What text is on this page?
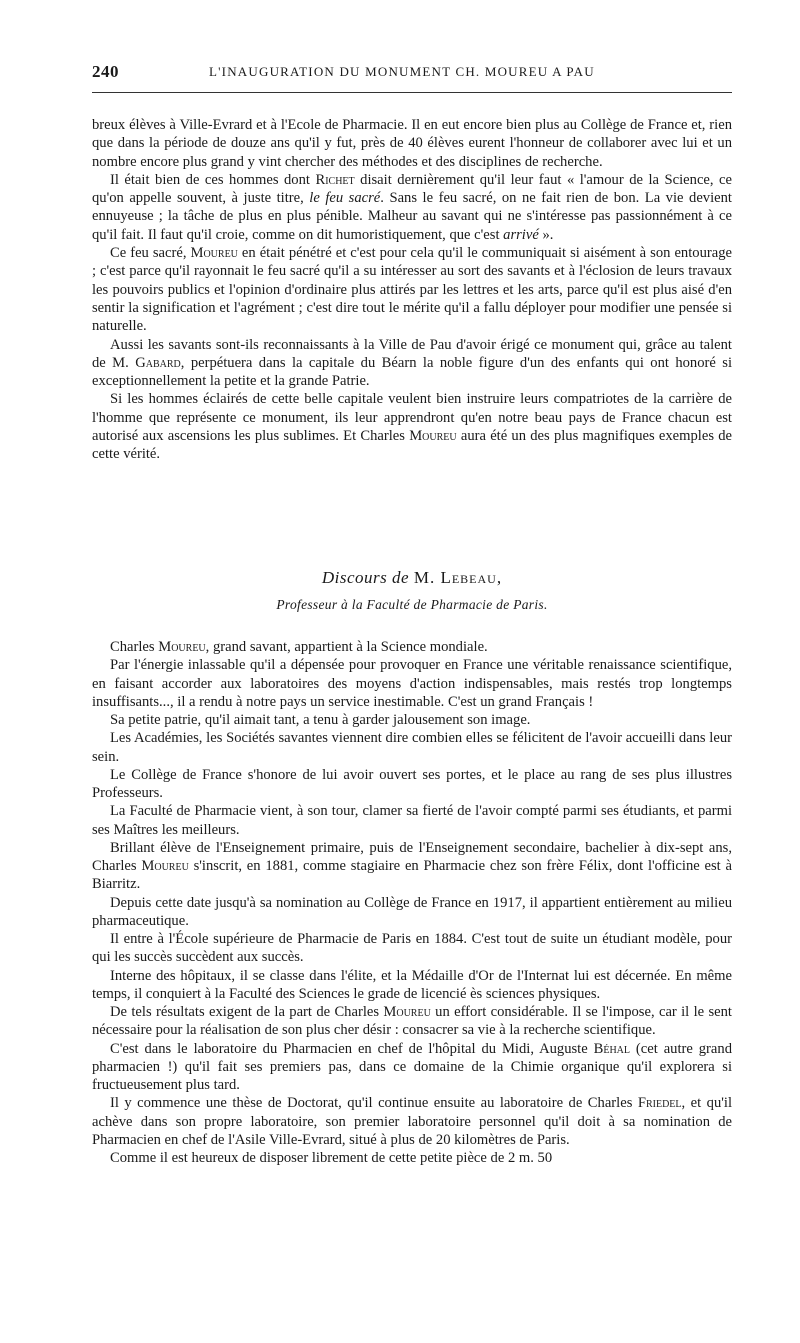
240	L'INAUGURATION DU MONUMENT CH. MOUREU A PAU

breux élèves à Ville-Evrard et à l'Ecole de Pharmacie. Il en eut encore bien plus au Collège de France et, rien que dans la période de douze ans qu'il y fut, près de 40 élèves eurent l'honneur de collaborer avec lui et un nombre encore plus grand y vint chercher des méthodes et des disciplines de recherche.

Il était bien de ces hommes dont Richet disait dernièrement qu'il leur faut « l'amour de la Science, ce qu'on appelle souvent, à juste titre, le feu sacré. Sans le feu sacré, on ne fait rien de bon. La vie devient ennuyeuse ; la tâche de plus en plus pénible. Malheur au savant qui ne s'intéresse pas passionnément à ce qu'il fait. Il faut qu'il croie, comme on dit humoristiquement, que c'est arrivé ».

Ce feu sacré, Moureu en était pénétré et c'est pour cela qu'il le communiquait si aisément à son entourage ; c'est parce qu'il rayonnait le feu sacré qu'il a su intéresser au sort des savants et à l'éclosion de leurs travaux les pouvoirs publics et l'opinion d'ordinaire plus attirés par les lettres et les arts, parce qu'il est plus aisé d'en sentir la signification et l'agrément ; c'est dire tout le mérite qu'il a fallu déployer pour modifier une pensée si naturelle.

Aussi les savants sont-ils reconnaissants à la Ville de Pau d'avoir érigé ce monument qui, grâce au talent de M. Gabard, perpétuera dans la capitale du Béarn la noble figure d'un des enfants qui ont honoré si exceptionnellement la petite et la grande Patrie.

Si les hommes éclairés de cette belle capitale veulent bien instruire leurs compatriotes de la carrière de l'homme que représente ce monument, ils leur apprendront qu'en notre beau pays de France chacun est autorisé aux ascensions les plus sublimes. Et Charles Moureu aura été un des plus magnifiques exemples de cette vérité.

Discours de M. Lebeau,

Professeur à la Faculté de Pharmacie de Paris.

Charles Moureu, grand savant, appartient à la Science mondiale.

Par l'énergie inlassable qu'il a dépensée pour provoquer en France une véritable renaissance scientifique, en faisant accorder aux laboratoires des moyens d'action indispensables, mais restés trop longtemps insuffisants..., il a rendu à notre pays un service inestimable. C'est un grand Français !

Sa petite patrie, qu'il aimait tant, a tenu à garder jalousement son image.

Les Académies, les Sociétés savantes viennent dire combien elles se félicitent de l'avoir accueilli dans leur sein.

Le Collège de France s'honore de lui avoir ouvert ses portes, et le place au rang de ses plus illustres Professeurs.

La Faculté de Pharmacie vient, à son tour, clamer sa fierté de l'avoir compté parmi ses étudiants, et parmi ses Maîtres les meilleurs.

Brillant élève de l'Enseignement primaire, puis de l'Enseignement secondaire, bachelier à dix-sept ans, Charles Moureu s'inscrit, en 1881, comme stagiaire en Pharmacie chez son frère Félix, dont l'officine est à Biarritz.

Depuis cette date jusqu'à sa nomination au Collège de France en 1917, il appartient entièrement au milieu pharmaceutique.

Il entre à l'École supérieure de Pharmacie de Paris en 1884. C'est tout de suite un étudiant modèle, pour qui les succès succèdent aux succès.

Interne des hôpitaux, il se classe dans l'élite, et la Médaille d'Or de l'Internat lui est décernée. En même temps, il conquiert à la Faculté des Sciences le grade de licencié ès sciences physiques.

De tels résultats exigent de la part de Charles Moureu un effort considérable. Il se l'impose, car il le sent nécessaire pour la réalisation de son plus cher désir : consacrer sa vie à la recherche scientifique.

C'est dans le laboratoire du Pharmacien en chef de l'hôpital du Midi, Auguste Béhal (cet autre grand pharmacien !) qu'il fait ses premiers pas, dans ce domaine de la Chimie organique qu'il explorera si fructueusement plus tard.

Il y commence une thèse de Doctorat, qu'il continue ensuite au laboratoire de Charles Friedel, et qu'il achève dans son propre laboratoire, son premier laboratoire personnel qu'il doit à sa nomination de Pharmacien en chef de l'Asile Ville-Evrard, situé à plus de 20 kilomètres de Paris.

Comme il est heureux de disposer librement de cette petite pièce de 2 m. 50
